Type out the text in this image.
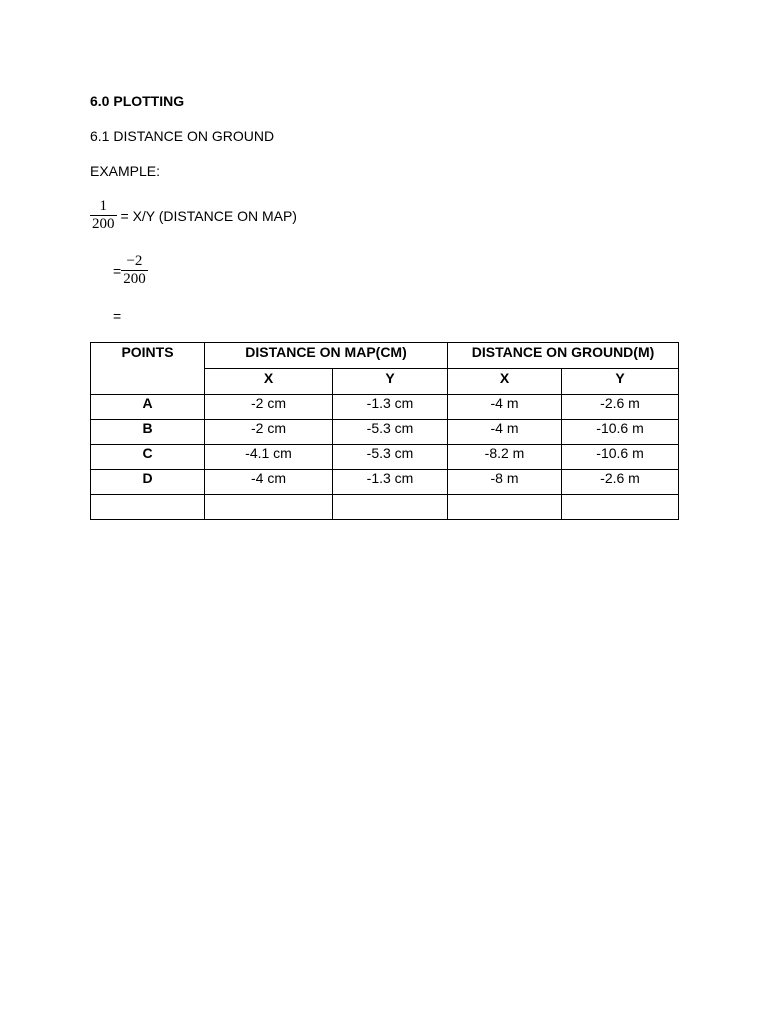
6.0 PLOTTING
6.1 DISTANCE ON GROUND
EXAMPLE:
$\frac{1}{200} = X/Y$ (DISTANCE ON MAP)
= $\frac{-2}{200}$
=
POINTS	DISTANCE ON MAP(CM)		DISTANCE ON GROUND(M)	
	X	Y	X	Y
A	-2 cm	-1.3 cm	-4 m	-2.6 m
B	-2 cm	-5.3 cm	-4 m	-10.6 m
C	-4.1 cm	-5.3 cm	-8.2 m	-10.6 m
D	-4 cm	-1.3 cm	-8 m	-2.6 m
